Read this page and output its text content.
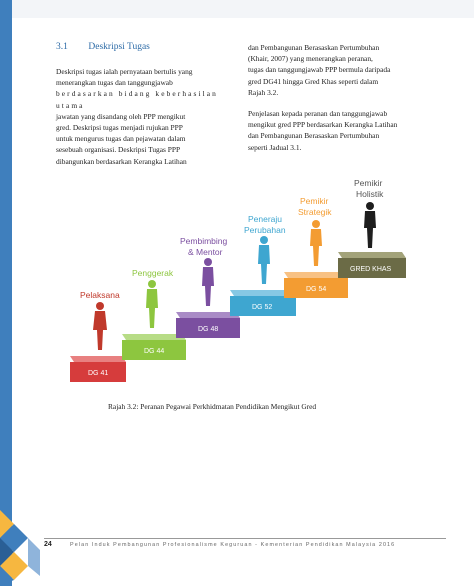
3.1 Deskripsi Tugas

Deskripsi tugas ialah pernyataan bertulis yang

menerangkan tugas dan tanggungjawab

berdasarkan bidang keberhasilan utama

jawatan yang disandang oleh PPP mengikut

gred. Deskripsi tugas menjadi rujukan PPP

untuk mengurus tugas dan pejawatan dalam

sesebuah organisasi. Deskripsi Tugas PPP

dibangunkan berdasarkan Kerangka Latihan

dan Pembangunan Berasaskan Pertumbuhan

(Khair, 2007) yang menerangkan peranan,

tugas dan tanggungjawab PPP bermula daripada

gred DG41 hingga Gred Khas seperti dalam

Rajah 3.2.

Penjelasan kepada peranan dan tanggungjawab

mengikut gred PPP berdasarkan Kerangka Latihan

dan Pembangunan Berasaskan Pertumbuhan

seperti Jadual 3.1.

DG 41
DG 44
DG 48
DG 52
DG 54
GRED KHAS
Pelaksana
Penggerak
Pembimbing
& Mentor
Peneraju
Perubahan
Pemikir
Strategik
Pemikir
Holistik
Rajah 3.2: Peranan Pegawai Perkhidmatan Pendidikan Mengikut Gred
24	Pelan Induk Pembangunan Profesionalisme Keguruan - Kementerian Pendidikan Malaysia 2016
